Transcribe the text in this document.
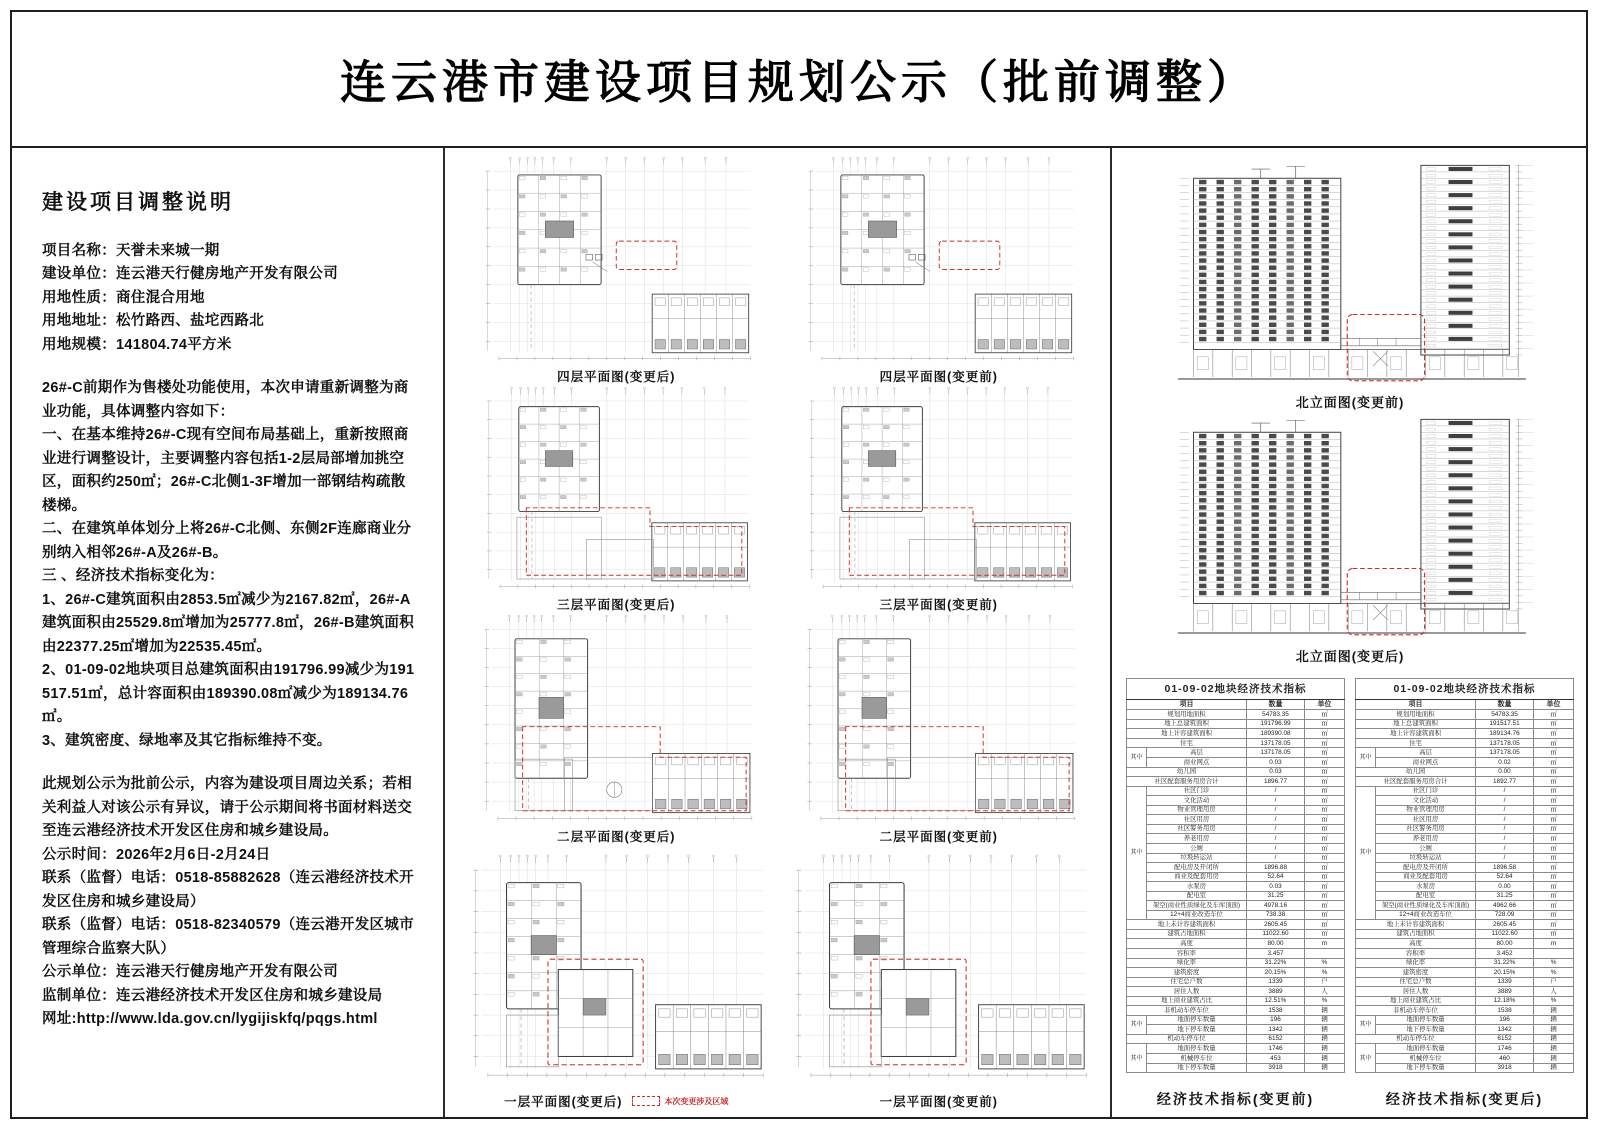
连云港市建设项目规划公示（批前调整）
建设项目调整说明
项目名称：天誉未来城一期
建设单位：连云港天行健房地产开发有限公司
用地性质：商住混合用地
用地地址：松竹路西、盐坨西路北
用地规模：141804.74平方米
26#-C前期作为售楼处功能使用，本次申请重新调整为商业功能，具体调整内容如下：
一、在基本维持26#-C现有空间布局基础上，重新按照商业进行调整设计，主要调整内容包括1-2层局部增加挑空区，面积约250㎡；26#-C北侧1-3F增加一部钢结构疏散楼梯。
二、在建筑单体划分上将26#-C北侧、东侧2F连廊商业分别纳入相邻26#-A及26#-B。
三 、经济技术指标变化为：
1、26#-C建筑面积由2853.5㎡减少为2167.82㎡，26#-A建筑面积由25529.8㎡增加为25777.8㎡，26#-B建筑面积由22377.25㎡增加为22535.45㎡。
2、01-09-02地块项目总建筑面积由191796.99减少为191517.51㎡，总计容面积由189390.08㎡减少为189134.76㎡。
3、建筑密度、绿地率及其它指标维持不变。
此规划公示为批前公示，内容为建设项目周边关系；若相关利益人对该公示有异议，请于公示期间将书面材料送交至连云港经济技术开发区住房和城乡建设局。
公示时间：2026年2月6日-2月24日
联系（监督）电话：0518-85882628（连云港经济技术开发区住房和城乡建设局）
联系（监督）电话：0518-82340579（连云港开发区城市管理综合监察大队）
公示单位：连云港天行健房地产开发有限公司
监制单位：连云港经济技术开发区住房和城乡建设局
网址:http://www.lda.gov.cn/lygijiskfq/pqgs.html
四层平面图(变更后)	四层平面图(变更前)
三层平面图(变更后)	三层平面图(变更前)
二层平面图(变更后)	二层平面图(变更前)
一层平面图(变更后)	本次变更涉及区域	一层平面图(变更前)
北立面图(变更前)
北立面图(变更后)
01-09-02地块经济技术指标			
项目		数量	单位
规划用地面积		54783.35	㎡
地上总建筑面积		191796.99	㎡
地上计容建筑面积		189390.08	㎡
住宅		137178.05	㎡
其中	高层	137178.05	㎡
	商业网点	0.03	㎡
幼儿园		0.03	㎡
社区配套服务用房合计		1896.77	㎡
其中	社区门诊	/	㎡
	文化活动	/	㎡
	物业管理用房	/	㎡
	社区用房	/	㎡
	社区警务用房	/	㎡
	养老用房	/	㎡
	公厕	/	㎡
	垃圾转运站	/	㎡
	配电房及开闭所	1896.88	㎡
	商业及配套用房	52.64	㎡
	水泵房	0.03	㎡
	配电室	31.25	㎡
	架空(商业性质绿化及车库顶面)	4978.16	㎡
	12+4商业改造车位	738.38	㎡
地上未计容建筑面积		2605.45	㎡
建筑占地面积		11022.60	㎡
高度		80.00	m
容积率		3.457	
绿化率		31.22%	%
建筑密度		20.15%	%
住宅总户数		1339	户
居住人数		3889	人
地上商业建筑占比		12.51%	%
非机动车停车位		1538	辆
其中	地面停车数量	196	辆
	地下停车数量	1342	辆
机动车停车位		6152	辆
其中	地面停车数量	1746	辆
	机械停车位	453	辆
	地下停车数量	3918	辆
经济技术指标(变更前)
01-09-02地块经济技术指标			
项目		数量	单位
规划用地面积		54783.35	㎡
地上总建筑面积		191517.51	㎡
地上计容建筑面积		189134.76	㎡
住宅		137178.05	㎡
其中	高层	137178.05	㎡
	商业网点	0.02	㎡
幼儿园		0.00	㎡
社区配套服务用房合计		1892.77	㎡
其中	社区门诊	/	㎡
	文化活动	/	㎡
	物业管理用房	/	㎡
	社区用房	/	㎡
	社区警务用房	/	㎡
	养老用房	/	㎡
	公厕	/	㎡
	垃圾转运站	/	㎡
	配电房及开闭所	1896.58	㎡
	商业及配套用房	52.64	㎡
	水泵房	0.00	㎡
	配电室	31.25	㎡
	架空(商业性质绿化及车库顶面)	4962.66	㎡
	12+4商业改造车位	728.09	㎡
地上未计容建筑面积		2605.45	㎡
建筑占地面积		11022.60	㎡
高度		80.00	m
容积率		3.452	
绿化率		31.22%	%
建筑密度		20.15%	%
住宅总户数		1339	户
居住人数		3889	人
地上商业建筑占比		12.18%	%
非机动车停车位		1538	辆
其中	地面停车数量	196	辆
	地下停车数量	1342	辆
机动车停车位		6152	辆
其中	地面停车数量	1746	辆
	机械停车位	460	辆
	地下停车数量	3918	辆
经济技术指标(变更后)
